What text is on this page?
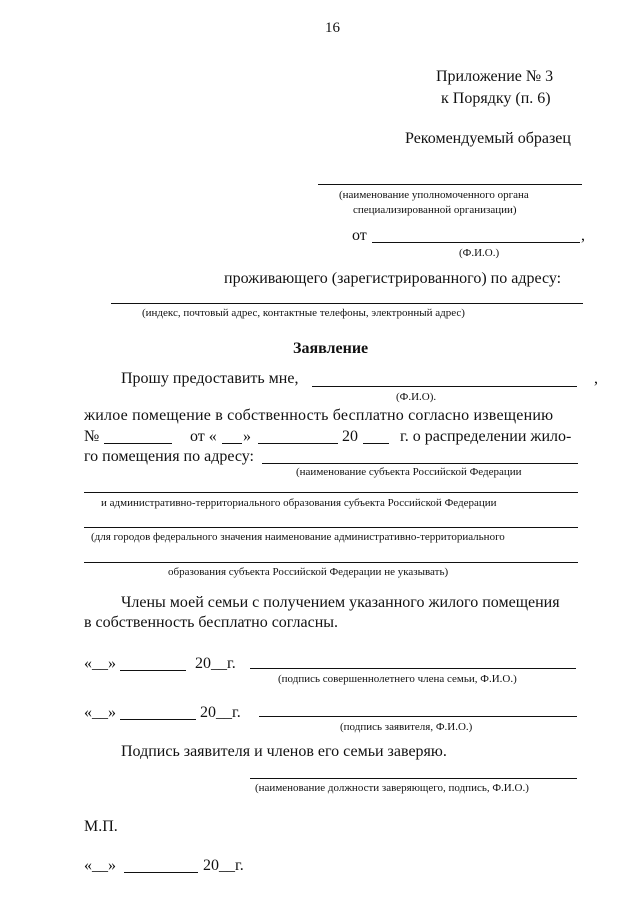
16
Приложение № 3
к Порядку (п. 6)
Рекомендуемый образец
(наименование уполномоченного органа
специализированной организации)
от	,
(Ф.И.О.)
проживающего (зарегистрированного) по адресу:
(индекс, почтовый адрес, контактные телефоны, электронный адрес)
Заявление
Прошу предоставить мне,	,
(Ф.И.О).
жилое помещение в собственность бесплатно согласно извещению
№	от « »	20	г. о распределении жило-
го помещения по адресу:
(наименование субъекта Российской Федерации
и административно-территориального образования субъекта Российской Федерации
(для городов федерального значения наименование административно-территориального
образования субъекта Российской Федерации не указывать)
Члены моей семьи с получением указанного жилого помещения
в собственность бесплатно согласны.
«__»	20__г.
(подпись совершеннолетнего члена семьи, Ф.И.О.)
«__»	20__г.
(подпись заявителя, Ф.И.О.)
Подпись заявителя и членов его семьи заверяю.
(наименование должности заверяющего, подпись, Ф.И.О.)
М.П.
«__»	20__г.
